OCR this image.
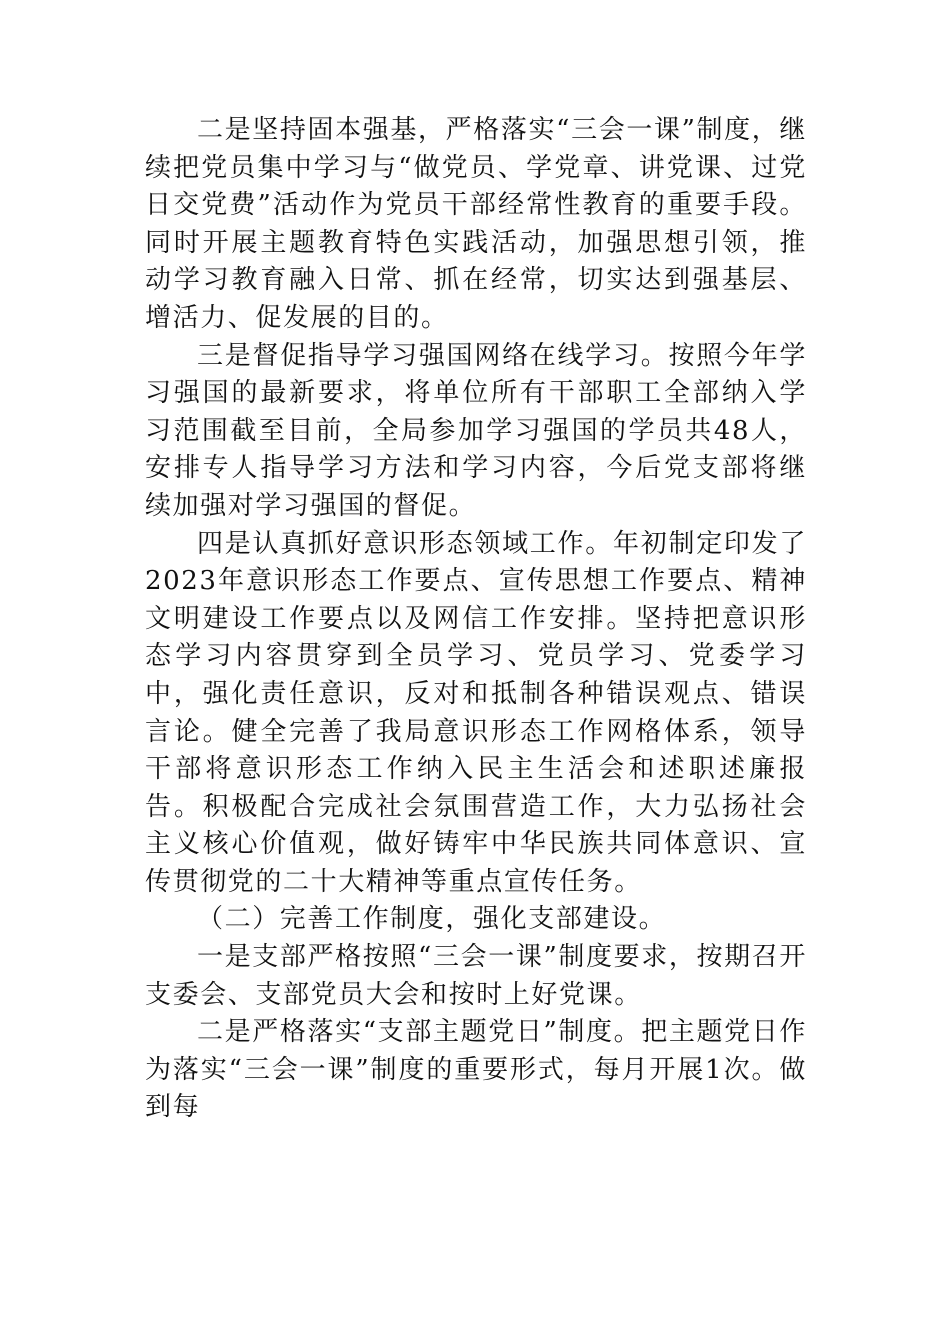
二是坚持固本强基，严格落实“三会一课”制度，继续把党员集中学习与“做党员、学党章、讲党课、过党日交党费”活动作为党员干部经常性教育的重要手段。同时开展主题教育特色实践活动，加强思想引领，推动学习教育融入日常、抓在经常，切实达到强基层、增活力、促发展的目的。

三是督促指导学习强国网络在线学习。按照今年学习强国的最新要求，将单位所有干部职工全部纳入学习范围截至目前，全局参加学习强国的学员共48人，安排专人指导学习方法和学习内容，今后党支部将继续加强对学习强国的督促。

四是认真抓好意识形态领域工作。年初制定印发了2023年意识形态工作要点、宣传思想工作要点、精神文明建设工作要点以及网信工作安排。坚持把意识形态学习内容贯穿到全员学习、党员学习、党委学习中，强化责任意识，反对和抵制各种错误观点、错误言论。健全完善了我局意识形态工作网格体系，领导干部将意识形态工作纳入民主生活会和述职述廉报告。积极配合完成社会氛围营造工作，大力弘扬社会主义核心价值观，做好铸牢中华民族共同体意识、宣传贯彻党的二十大精神等重点宣传任务。

（二）完善工作制度，强化支部建设。

一是支部严格按照“三会一课”制度要求，按期召开支委会、支部党员大会和按时上好党课。

二是严格落实“支部主题党日”制度。把主题党日作为落实“三会一课”制度的重要形式，每月开展1次。做到每
